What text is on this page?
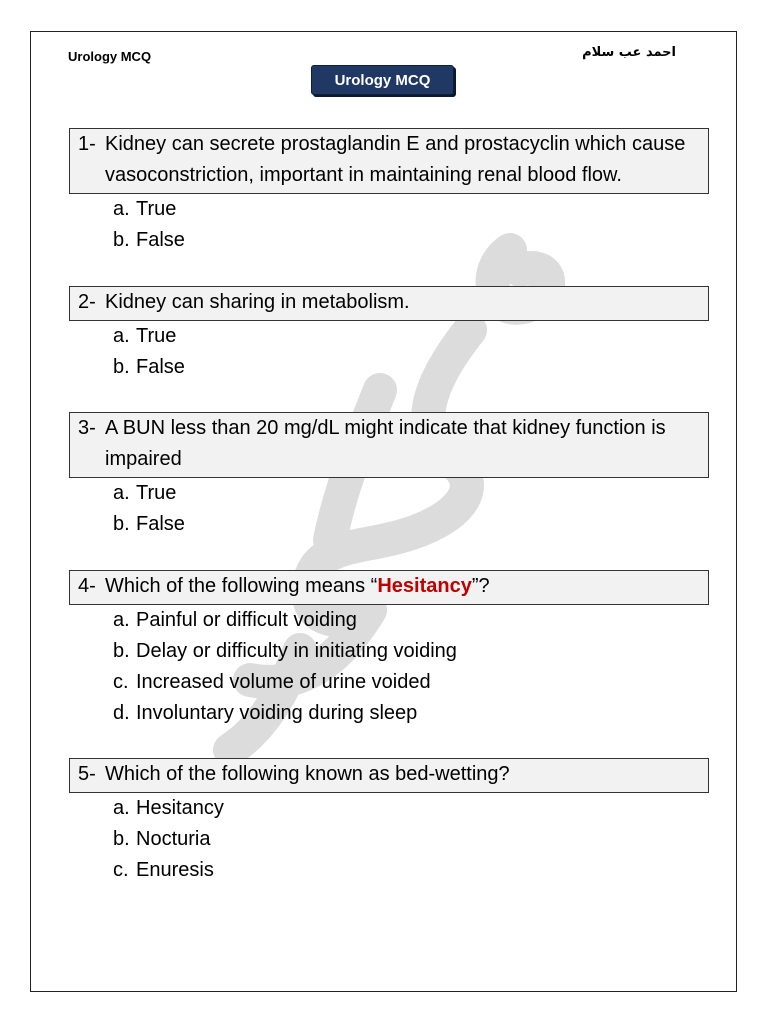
Urology MCQ	احمد عب سلام
Urology MCQ
1- Kidney can secrete prostaglandin E and prostacyclin which cause vasoconstriction, important in maintaining renal blood flow.
a. True
b. False
2- Kidney can sharing in metabolism.
a. True
b. False
3- A BUN less than 20 mg/dL might indicate that kidney function is impaired
a. True
b. False
4- Which of the following means “Hesitancy”?
a. Painful or difficult voiding
b. Delay or difficulty in initiating voiding
c. Increased volume of urine voided
d. Involuntary voiding during sleep
5- Which of the following known as bed-wetting?
a. Hesitancy
b. Nocturia
c. Enuresis
